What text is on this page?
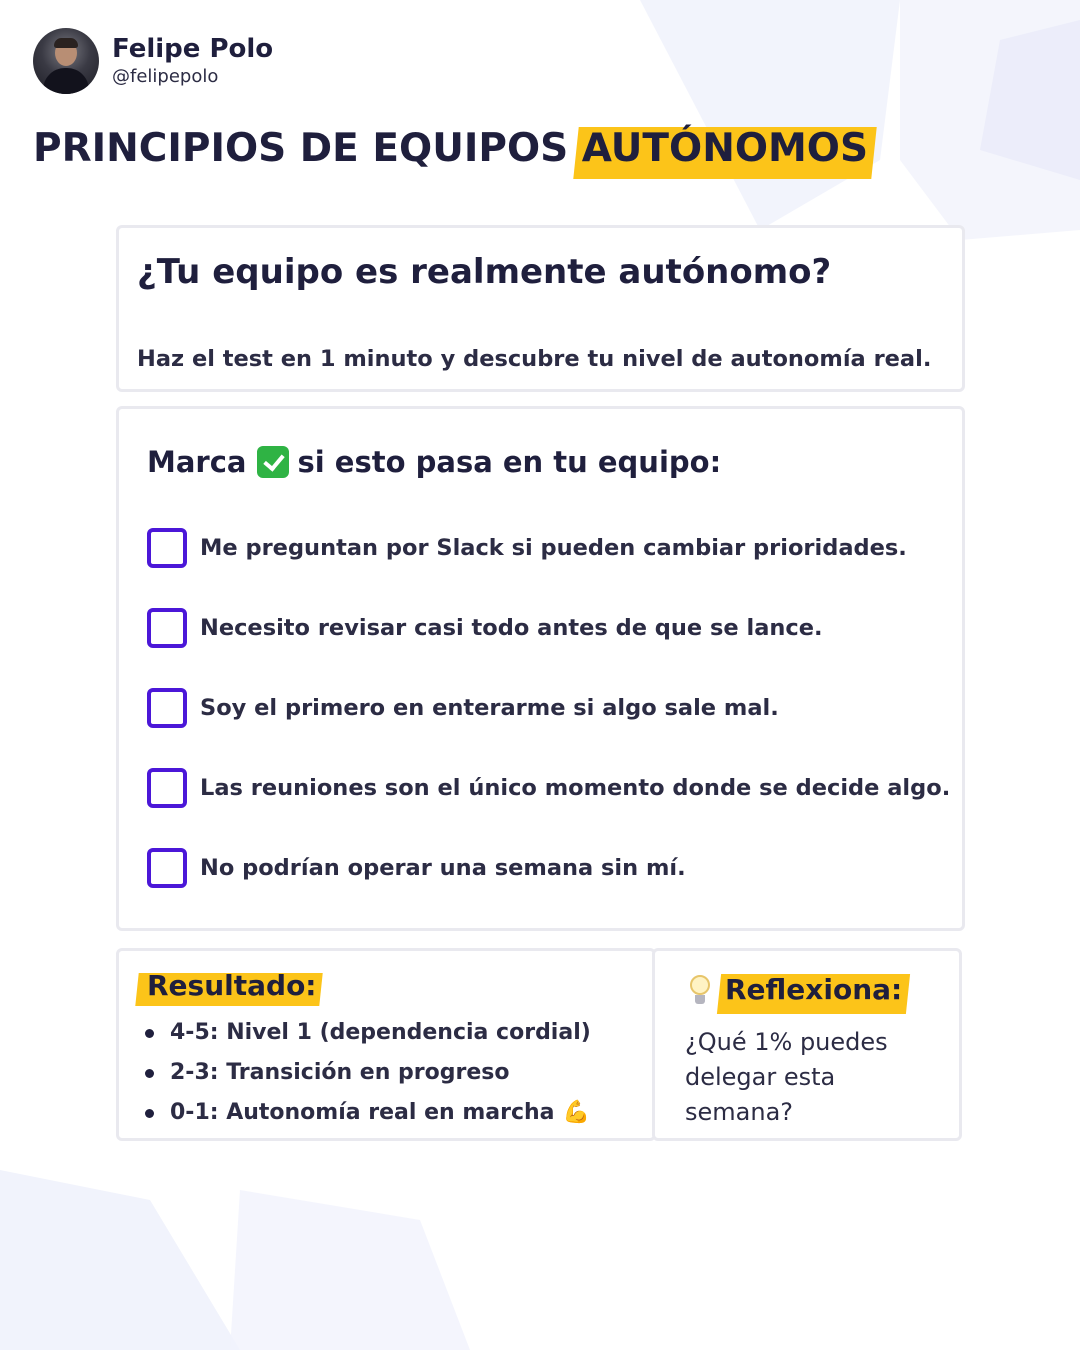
Felipe Polo
@felipepolo
PRINCIPIOS DE EQUIPOS AUTÓNOMOS
¿Tu equipo es realmente autónomo?
Haz el test en 1 minuto y descubre tu nivel de autonomía real.
Marca si esto pasa en tu equipo:
Me preguntan por Slack si pueden cambiar prioridades.
Necesito revisar casi todo antes de que se lance.
Soy el primero en enterarme si algo sale mal.
Las reuniones son el único momento donde se decide algo.
No podrían operar una semana sin mí.
Resultado:
4-5: Nivel 1 (dependencia cordial)
2-3: Transición en progreso
0-1: Autonomía real en marcha 💪
Reflexiona:
¿Qué 1% puedes delegar esta semana?
